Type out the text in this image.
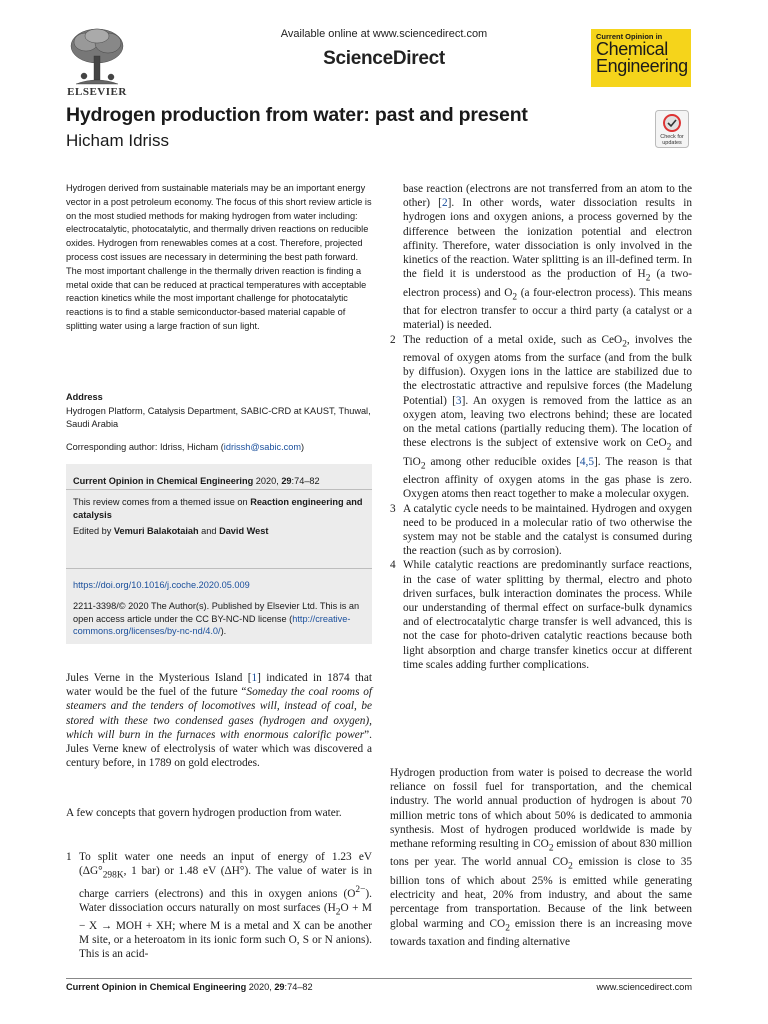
ELSEVIER
Available online at www.sciencedirect.com
ScienceDirect
Current Opinion in
Chemical
Engineering
Hydrogen production from water: past and present
Hicham Idriss	Check for
updates
Hydrogen derived from sustainable materials may be an important energy vector in a post petroleum economy. The focus of this short review article is on the most studied methods for making hydrogen from water including: electrocatalytic, photocatalytic, and thermally driven reactions on reducible oxides. Hydrogen from renewables comes at a cost. Therefore, projected process cost issues are necessary in determining the best path forward. The most important challenge in the thermally driven reaction is finding a metal oxide that can be reduced at practical temperatures with acceptable reaction kinetics while the most important challenge for photocatalytic reactions is to find a stable semiconductor-based material capable of splitting water using a large fraction of sun light.
Address
Hydrogen Platform, Catalysis Department, SABIC-CRD at KAUST, Thuwal, Saudi Arabia
Corresponding author: Idriss, Hicham (idrissh@sabic.com)
Current Opinion in Chemical Engineering 2020, 29:74–82
This review comes from a themed issue on Reaction engineering and catalysis
Edited by Vemuri Balakotaiah and David West
https://doi.org/10.1016/j.coche.2020.05.009
2211-3398/© 2020 The Author(s). Published by Elsevier Ltd. This is an open access article under the CC BY-NC-ND license (http://creative-commons.org/licenses/by-nc-nd/4.0/).
Jules Verne in the Mysterious Island [1] indicated in 1874 that water would be the fuel of the future “Someday the coal rooms of steamers and the tenders of locomotives will, instead of coal, be stored with these two condensed gases (hydrogen and oxygen), which will burn in the furnaces with enormous calorific power”. Jules Verne knew of electrolysis of water which was discovered a century before, in 1789 on gold electrodes.
A few concepts that govern hydrogen production from water.
1 To split water one needs an input of energy of 1.23 eV ($\Delta G^\circ_{298K}$, 1 bar) or 1.48 eV (ΔH°). The value of water is in charge carriers (electrons) and this in oxygen anions $(O^{2-})$. Water dissociation occurs naturally on most surfaces ($H_2O + M - X$ → MOH + XH; where M is a metal and X can be another M site, or a heteroatom in its ionic form such O, S or N anions). This is an acid-
base reaction (electrons are not transferred from an atom to the other) [2]. In other words, water dissociation results in hydrogen ions and oxygen anions, a process governed by the difference between the ionization potential and electron affinity. Therefore, water dissociation is only involved in the kinetics of the reaction. Water splitting is an ill-defined term. In the field it is understood as the production of $H_2$ (a two-electron process) and $O_2$ (a four-electron process). This means that for electron transfer to occur a third party (a catalyst or a material) is needed.
2 The reduction of a metal oxide, such as CeO$_2$, involves the removal of oxygen atoms from the surface (and from the bulk by diffusion). Oxygen ions in the lattice are stabilized due to the electrostatic attractive and repulsive forces (the Madelung Potential) [3]. An oxygen is removed from the lattice as an oxygen atom, leaving two electrons behind; these are located on the metal cations (partially reducing them). The location of these electrons is the subject of extensive work on CeO$_2$ and TiO$_2$ among other reducible oxides [4,5]. The reason is that electron affinity of oxygen atoms in the gas phase is zero. Oxygen atoms then react together to make a molecular oxygen.
3 A catalytic cycle needs to be maintained. Hydrogen and oxygen need to be produced in a molecular ratio of two otherwise the system may not be stable and the catalyst is consumed during the reaction (such as by corrosion).
4 While catalytic reactions are predominantly surface reactions, in the case of water splitting by thermal, electro and photo driven surfaces, bulk interaction dominates the process. While our understanding of thermal effect on surface-bulk dynamics and of electrocatalytic charge transfer is well advanced, this is not the case for photo-driven catalytic reactions because both light absorption and charge transfer kinetics occur at different time scales adding further complications.
Hydrogen production from water is poised to decrease the world reliance on fossil fuel for transportation, and the chemical industry. The world annual production of hydrogen is about 70 million metric tons of which about 50% is dedicated to ammonia synthesis. Most of hydrogen produced worldwide is made by methane reforming resulting in $CO_2$ emission of about 830 million tons per year. The world annual $CO_2$ emission is close to 35 billion tons of which about 25% is emitted while generating electricity and heat, 20% from industry, and about the same percentage from transportation. Because of the link between global warming and $CO_2$ emission there is an increasing move towards taxation and finding alternative
Current Opinion in Chemical Engineering 2020, 29:74–82	www.sciencedirect.com
